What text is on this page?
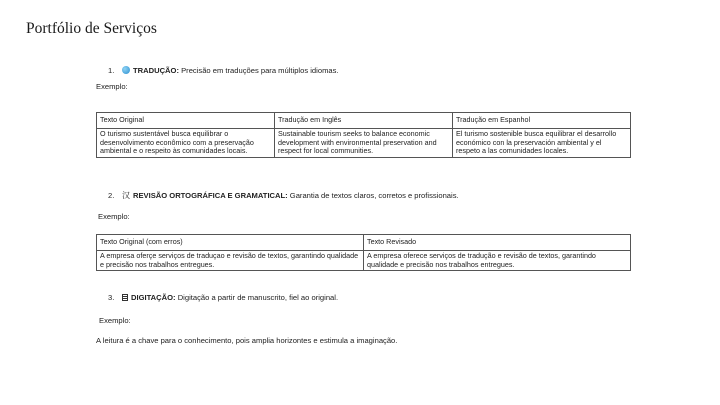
Portfólio de Serviços
1. TRADUÇÃO: Precisão em traduções para múltiplos idiomas.
Exemplo:
Texto Original	Tradução em Inglês	Tradução em Espanhol
O turismo sustentável busca equilibrar o desenvolvimento econômico com a preservação ambiental e o respeito às comunidades locais.	Sustainable tourism seeks to balance economic development with environmental preservation and respect for local communities.	El turismo sostenible busca equilibrar el desarrollo económico con la preservación ambiental y el respeto a las comunidades locales.
2. 汉 REVISÃO ORTOGRÁFICA E GRAMATICAL: Garantia de textos claros, corretos e profissionais.
Exemplo:
Texto Original (com erros)	Texto Revisado
A empresa oferçe serviços de traduçao e revisão de textos, garantindo qualidade e precisão nos trabalhos entregues.	A empresa oferece serviços de tradução e revisão de textos, garantindo qualidade e precisão nos trabalhos entregues.
3. DIGITAÇÃO: Digitação a partir de manuscrito, fiel ao original.
Exemplo:
A leitura é a chave para o conhecimento, pois amplia horizontes e estimula a imaginação.
